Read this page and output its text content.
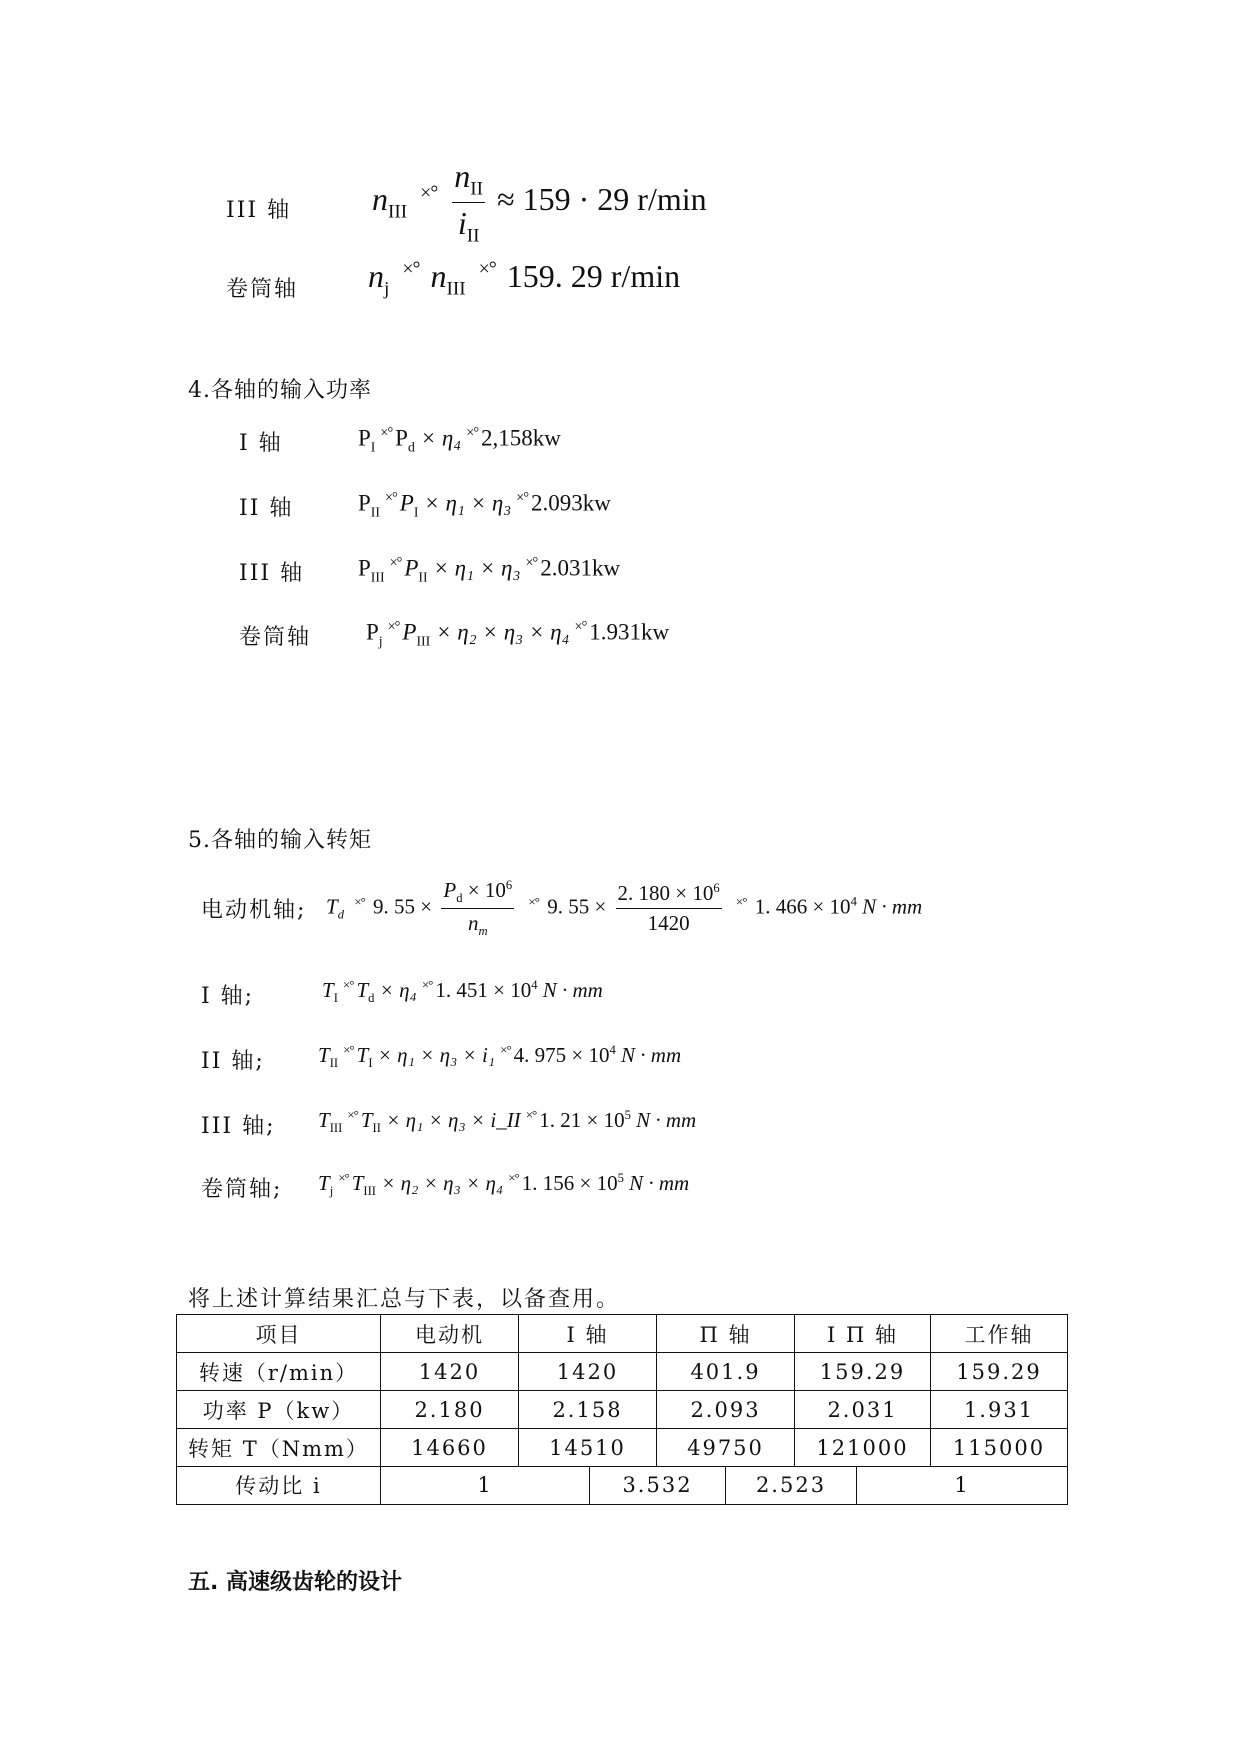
III 轴	$n_{III}$ $^{\times^\circ} \frac{n_{II}}{i_{II}} \approx 159 \cdot 29$ r/min
卷筒轴 $n_j$ ×° $n_{III}$ ×° 159. 29 r/min
4.各轴的输入功率
I 轴	$P_I^{\times^\circ}$ $P_d \times \eta_4$ ×° 2,158kw
II 轴	$P_{II}^{\times^\circ}$ $P_I \times \eta_1 \times \eta_3$ ×° 2.093kw
III 轴 $P_{III}^{\times^\circ}$ $P_{II} \times \eta_1 \times \eta_3$ ×° 2.031kw
卷筒轴 $P_j^{\times^\circ}$ $P_{III} \times \eta_2 \times \eta_3 \times \eta_4$ ×° 1.931kw
5.各轴的输入转矩
电动机轴; $T_d$ ×° 9. $55 \times \frac{P_d \times 10^6}{n_m} ^{\times^\circ}$ 9. $55 \times \frac{2. 180 \times 10^6}{1420} ^{\times^\circ}$ 1. $466 \times 10^4$ N · mm
I 轴;	$T_I^{\times^\circ}$ $T_d \times \eta_4$ ×° 1. $451 \times 10^4$ N · mm
II 轴;	$T_{II}^{\times^\circ}$ $T_I \times \eta_1 \times \eta_3 \times i_1$ ×° 4. $975 \times 10^4$ N · mm
III 轴; $T_{III}^{\times^\circ}$ $T_{II} \times \eta_1 \times \eta_3$ × i_II ×° 1. $21 \times 10^5$ N · mm
卷筒轴; $T_j^{\times^\circ}$ $T_{III} \times \eta_2 \times \eta_3 \times \eta_4$ ×° 1. $156 \times 10^5$ N · mm
将上述计算结果汇总与下表，以备查用。
项目	电动机	I 轴	Π 轴	I Π 轴	工作轴
转速（r/min）	1420	1420	401.9	159.29	159.29
功率 P（kw）	2.180	2.158	2.093	2.031	1.931
转矩 T（Nmm）	14660	14510	49750	121000	115000
传动比 i	1	3.532	2.523	1
五. 高速级齿轮的设计
